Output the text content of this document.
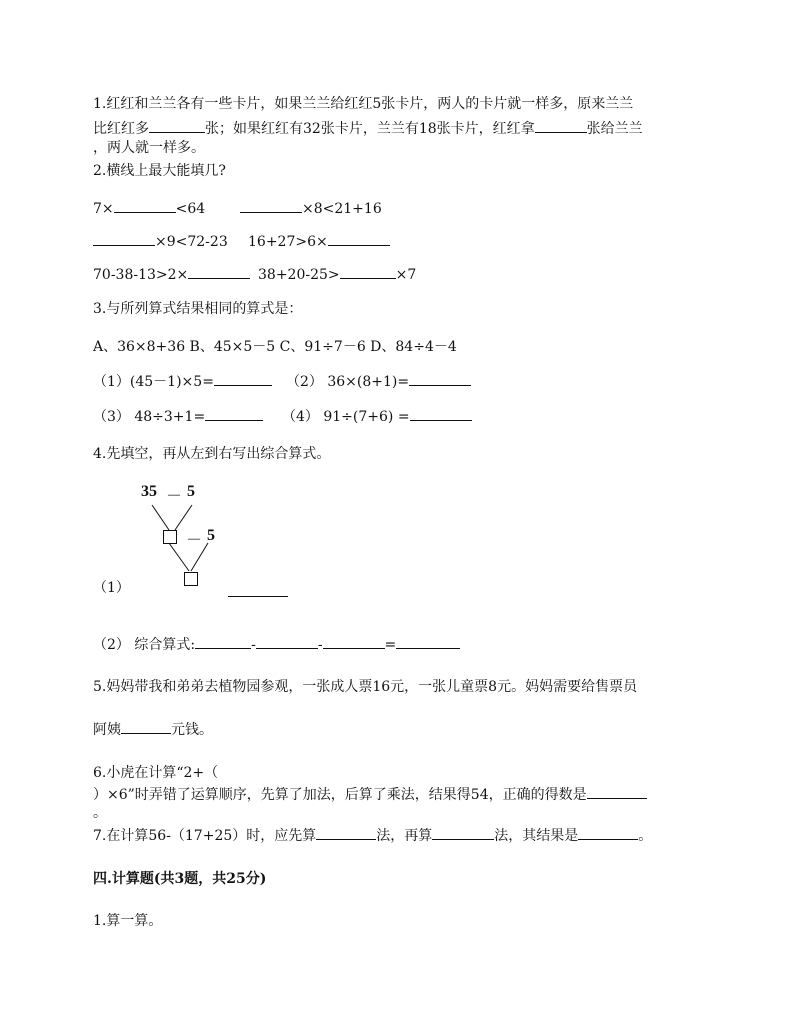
1.红红和兰兰各有一些卡片，如果兰兰给红红5张卡片，两人的卡片就一样多，原来兰兰
比红红多	张；如果红红有32张卡片，兰兰有18张卡片，红红拿	张给兰兰
，两人就一样多。
2.横线上最大能填几?
7×	<64	×8<21+16
×9<72-23 16+27>6×
70-38-13>2×	38+20-25>	×7
3.与所列算式结果相同的算式是：
A、36×8+36 B、45×5－5 C、91÷7－6 D、84÷4－4
（1）(45－1)×5=	（2） 36×(8+1)=
（3） 48÷3+1=	（4） 91÷(7+6) =
4.先填空，再从左到右写出综合算式。
35 － 5
－ 5
（1）
（2） 综合算式:	-	-	=
5.妈妈带我和弟弟去植物园参观，一张成人票16元，一张儿童票8元。妈妈需要给售票员
阿姨	元钱。
6.小虎在计算“2+（
）×6”时弄错了运算顺序，先算了加法，后算了乘法，结果得54，正确的得数是
。
7.在计算56-（17+25）时，应先算	法，再算	法，其结果是	。
四.计算题(共3题，共25分)
1.算一算。
